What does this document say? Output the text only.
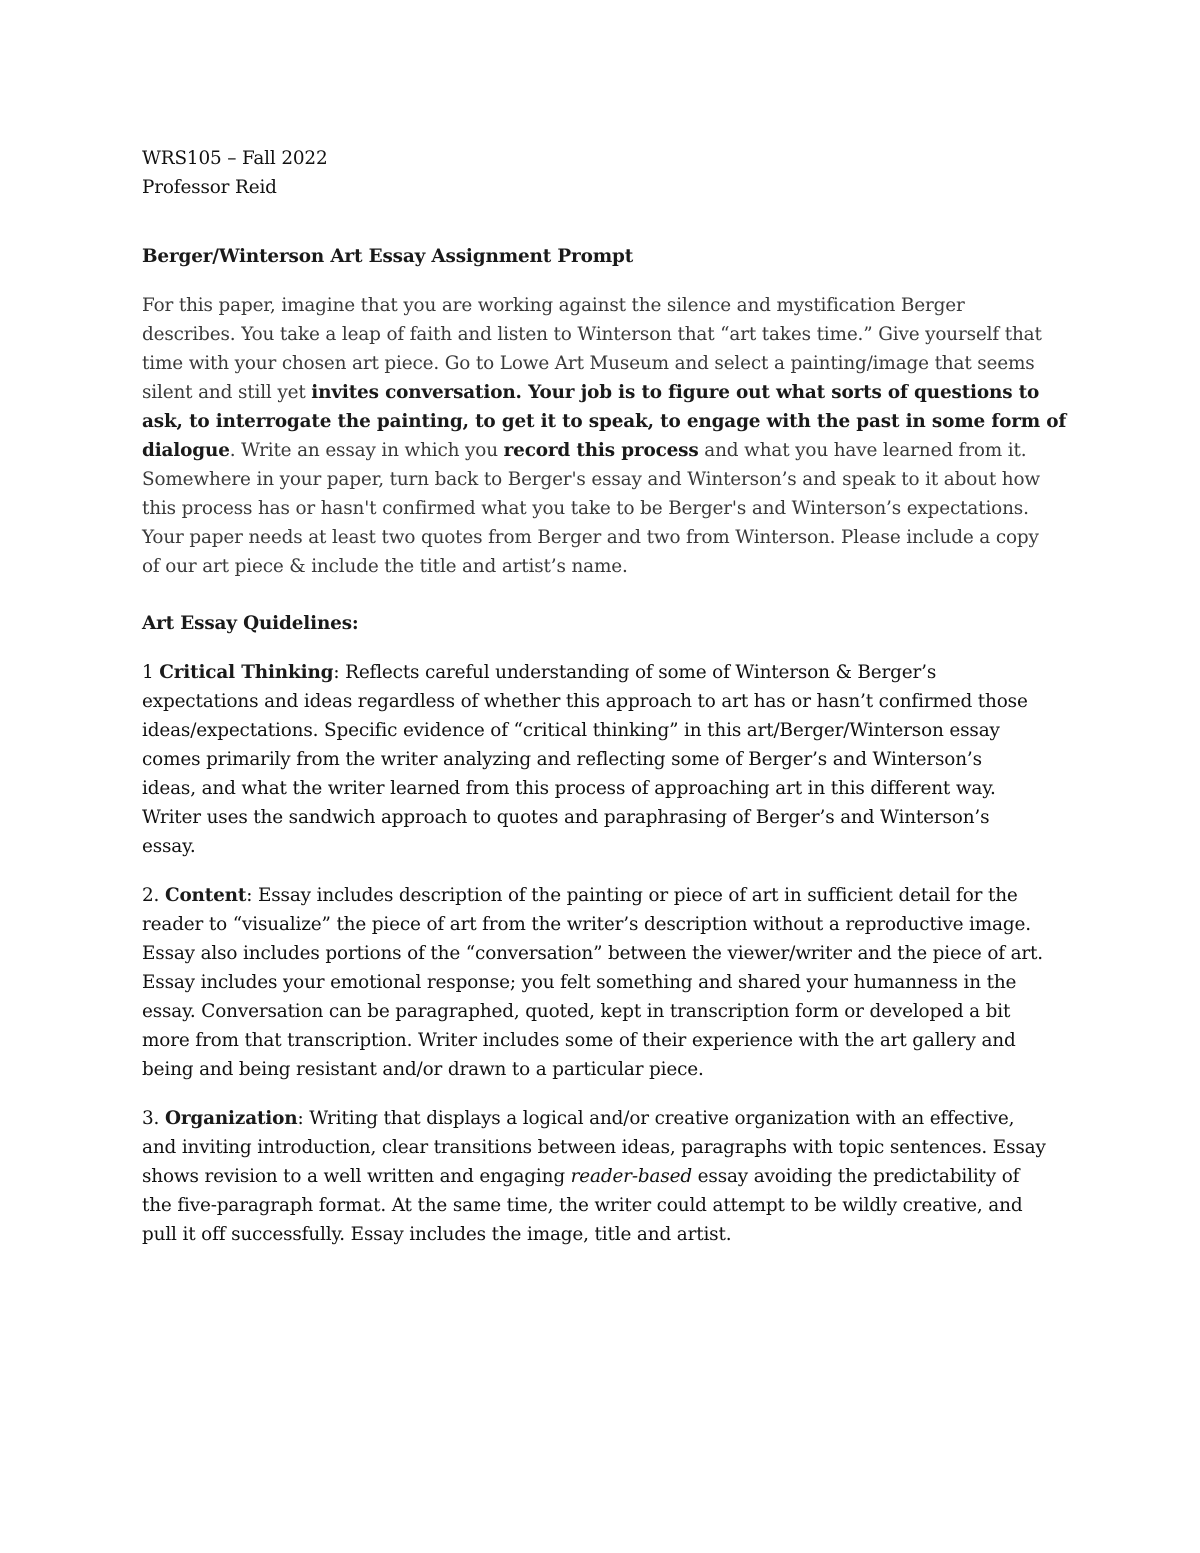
WRS105 – Fall 2022
Professor Reid
Berger/Winterson Art Essay Assignment Prompt
For this paper, imagine that you are working against the silence and mystification Berger
describes. You take a leap of faith and listen to Winterson that “art takes time.” Give yourself that
time with your chosen art piece. Go to Lowe Art Museum and select a painting/image that seems
silent and still yet invites conversation. Your job is to figure out what sorts of questions to
ask, to interrogate the painting, to get it to speak, to engage with the past in some form of
dialogue. Write an essay in which you record this process and what you have learned from it.
Somewhere in your paper, turn back to Berger's essay and Winterson’s and speak to it about how
this process has or hasn't confirmed what you take to be Berger's and Winterson’s expectations.
Your paper needs at least two quotes from Berger and two from Winterson. Please include a copy
of our art piece & include the title and artist’s name.
Art Essay Quidelines:
1 Critical Thinking: Reflects careful understanding of some of Winterson & Berger’s
expectations and ideas regardless of whether this approach to art has or hasn’t confirmed those
ideas/expectations. Specific evidence of “critical thinking” in this art/Berger/Winterson essay
comes primarily from the writer analyzing and reflecting some of Berger’s and Winterson’s
ideas, and what the writer learned from this process of approaching art in this different way.
Writer uses the sandwich approach to quotes and paraphrasing of Berger’s and Winterson’s
essay.
2. Content: Essay includes description of the painting or piece of art in sufficient detail for the
reader to “visualize” the piece of art from the writer’s description without a reproductive image.
Essay also includes portions of the “conversation” between the viewer/writer and the piece of art.
Essay includes your emotional response; you felt something and shared your humanness in the
essay. Conversation can be paragraphed, quoted, kept in transcription form or developed a bit
more from that transcription. Writer includes some of their experience with the art gallery and
being and being resistant and/or drawn to a particular piece.
3. Organization: Writing that displays a logical and/or creative organization with an effective,
and inviting introduction, clear transitions between ideas, paragraphs with topic sentences. Essay
shows revision to a well written and engaging reader-based essay avoiding the predictability of
the five-paragraph format. At the same time, the writer could attempt to be wildly creative, and
pull it off successfully. Essay includes the image, title and artist.
